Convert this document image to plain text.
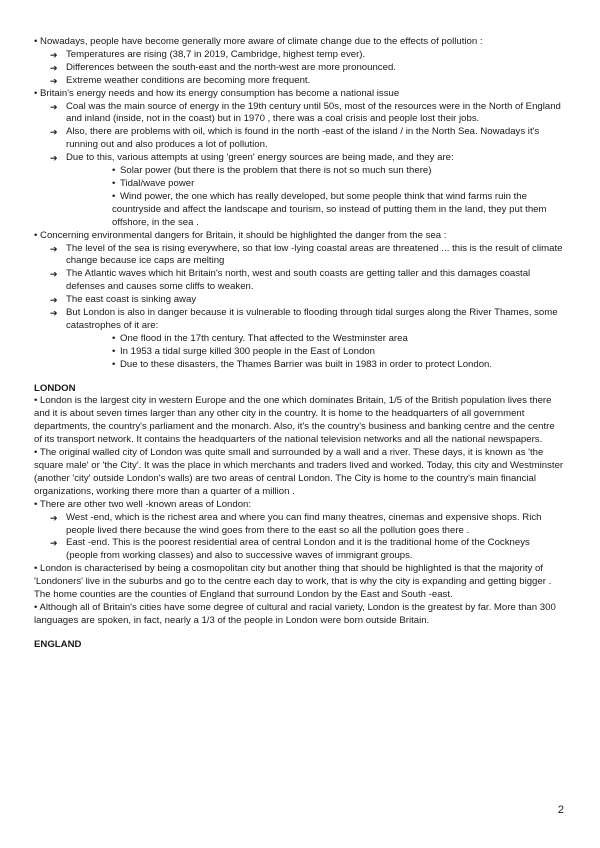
• Nowadays, people have become generally more aware of climate change due to the effects of pollution :

➔ Temperatures are rising (38,7 in 2019, Cambridge, highest temp ever).
➔ Differences between the south-east and the north-west are more pronounced.
➔ Extreme weather conditions are becoming more frequent.

• Britain's energy needs and how its energy consumption has become a national issue

➔ Coal was the main source of energy in the 19th century until 50s, most of the resources were in the North of England and inland (inside, not in the coast) but in 1970 , there was a coal crisis and people lost their jobs.
➔ Also, there are problems with oil, which is found in the north -east of the island / in the North Sea. Nowadays it's running out and also produces a lot of pollution.
➔ Due to this, various attempts at using 'green' energy sources are being made, and they are:
• Solar power (but there is the problem that there is not so much sun there)
• Tidal/wave power
• Wind power, the one which has really developed, but some people think that wind farms ruin the

countryside and affect the landscape and tourism, so instead of putting them in the land, they put them offshore, in the sea .

• Concerning environmental dangers for Britain, it should be highlighted the danger from the sea :

➔ The level of the sea is rising everywhere, so that low -lying coastal areas are threatened ... this is the result of climate change because ice caps are melting
➔ The Atlantic waves which hit Britain's north, west and south coasts are getting taller and this damages coastal defenses and causes some cliffs to weaken.
➔ The east coast is sinking away
➔ But London is also in danger because it is vulnerable to flooding through tidal surges along the River Thames, some catastrophes of it are:
• One flood in the 17th century. That affected to the Westminster area
• In 1953 a tidal surge killed 300 people in the East of London
• Due to these disasters, the Thames Barrier was built in 1983 in order to protect London.

LONDON

• London is the largest city in western Europe and the one which dominates Britain, 1/5 of the British population lives there and it is about seven times larger than any other city in the country. It is home to the headquarters of all government departments, the country's parliament and the monarch. Also, it's the country's business and banking centre and the centre of its transport network. It contains the headquarters of the national television networks and all the national newspapers.

• The original walled city of London was quite small and surrounded by a wall and a river. These days, it is known as 'the square male' or 'the City'. It was the place in which merchants and traders lived and worked. Today, this city and Westminster (another 'city' outside London's walls) are two areas of central London. The City is home to the country's main financial organizations, working there more than a quarter of a million .

• There are other two well -known areas of London:

➔ West -end, which is the richest area and where you can find many theatres, cinemas and expensive shops. Rich people lived there because the wind goes from there to the east so all the pollution goes there .
➔ East -end. This is the poorest residential area of central London and it is the traditional home of the Cockneys (people from working classes) and also to successive waves of immigrant groups.

• London is characterised by being a cosmopolitan city but another thing that should be highlighted is that the majority of 'Londoners' live in the suburbs and go to the centre each day to work, that is why the city is expanding and getting bigger . The home counties are the counties of England that surround London by the East and South -east.

• Although all of Britain's cities have some degree of cultural and racial variety, London is the greatest by far. More than 300 languages are spoken, in fact, nearly a 1/3 of the people in London were born outside Britain.

ENGLAND

2
